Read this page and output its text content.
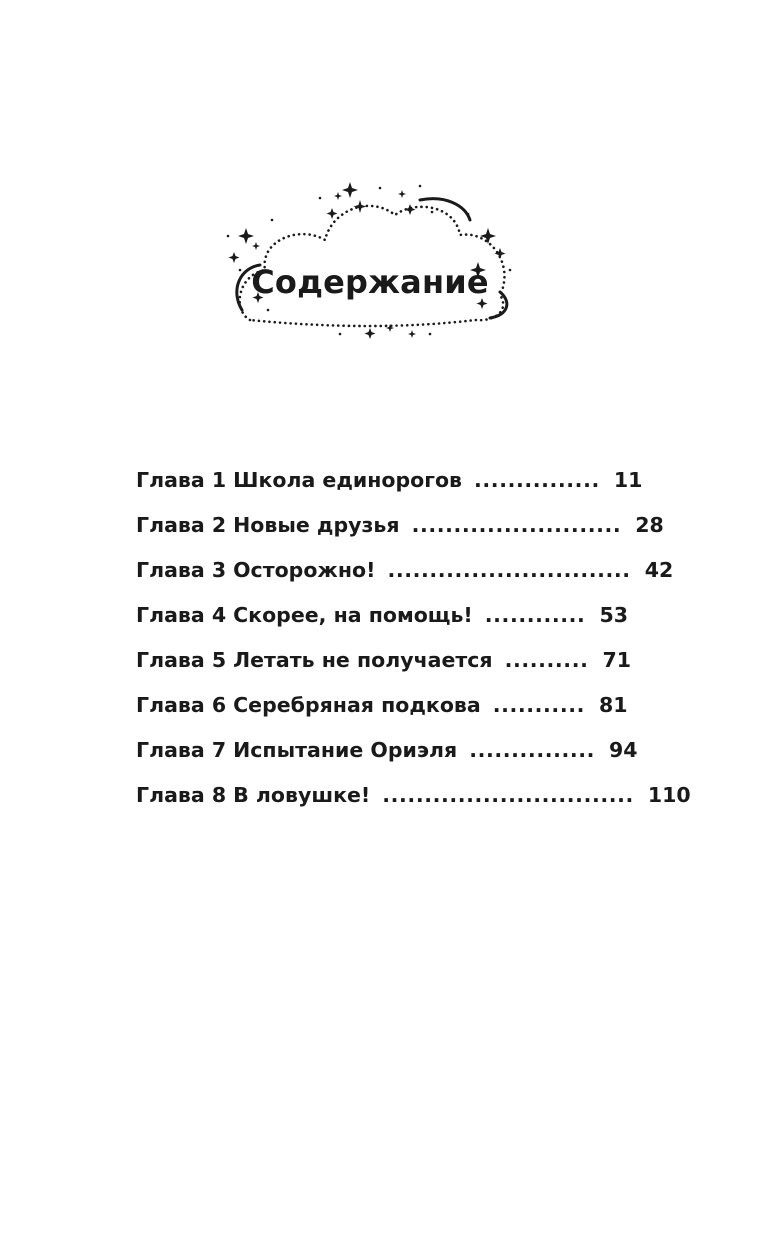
Содержание
Глава 1 Школа единорогов ............... 11
Глава 2 Новые друзья ......................... 28
Глава 3 Осторожно! ............................. 42
Глава 4 Скорее, на помощь! ............ 53
Глава 5 Летать не получается .......... 71
Глава 6 Серебряная подкова ........... 81
Глава 7 Испытание Ориэля ............... 94
Глава 8 В ловушке! .............................. 110
